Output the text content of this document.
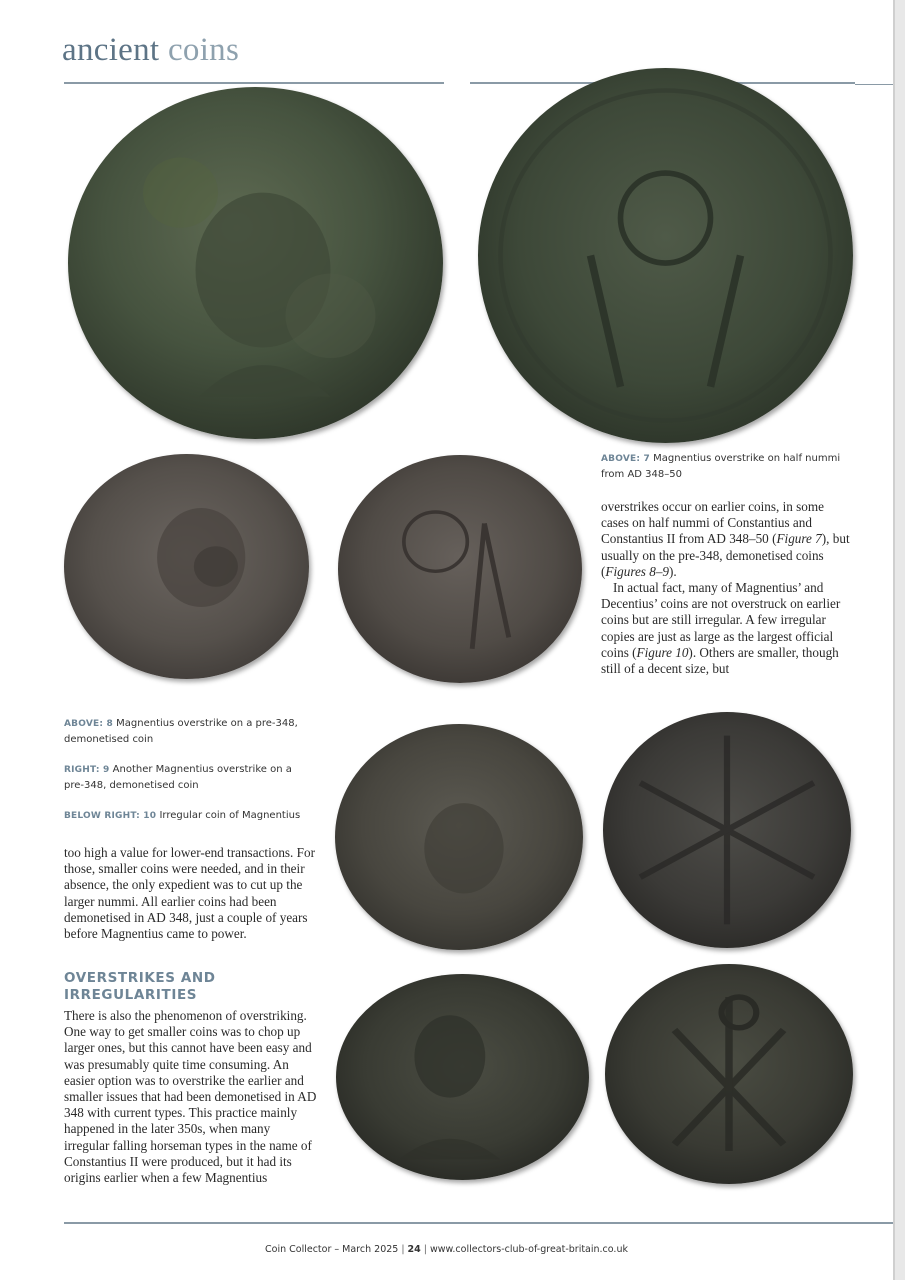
ancient coins
ABOVE: 7 Magnentius overstrike on half nummi from AD 348–50
ABOVE: 8 Magnentius overstrike on a pre-348, demonetised coin
RIGHT: 9 Another Magnentius overstrike on a pre-348, demonetised coin
BELOW RIGHT: 10 Irregular coin of Magnentius

overstrikes occur on earlier coins, in some cases on half nummi of Constantius and Constantius II from AD 348–50 (Figure 7), but usually on the pre-348, demonetised coins (Figures 8–9).

In actual fact, many of Magnentius’ and Decentius’ coins are not overstruck on earlier coins but are still irregular. A few irregular copies are just as large as the largest official coins (Figure 10). Others are smaller, though still of a decent size, but

too high a value for lower-end transactions. For those, smaller coins were needed, and in their absence, the only expedient was to cut up the larger nummi. All earlier coins had been demonetised in AD 348, just a couple of years before Magnentius came to power.

OVERSTRIKES AND IRREGULARITIES

There is also the phenomenon of overstriking. One way to get smaller coins was to chop up larger ones, but this cannot have been easy and was presumably quite time consuming. An easier option was to overstrike the earlier and smaller issues that had been demonetised in AD 348 with current types. This practice mainly happened in the later 350s, when many irregular falling horseman types in the name of Constantius II were produced, but it had its origins earlier when a few Magnentius

Coin Collector – March 2025 | 24 | www.collectors-club-of-great-britain.co.uk
